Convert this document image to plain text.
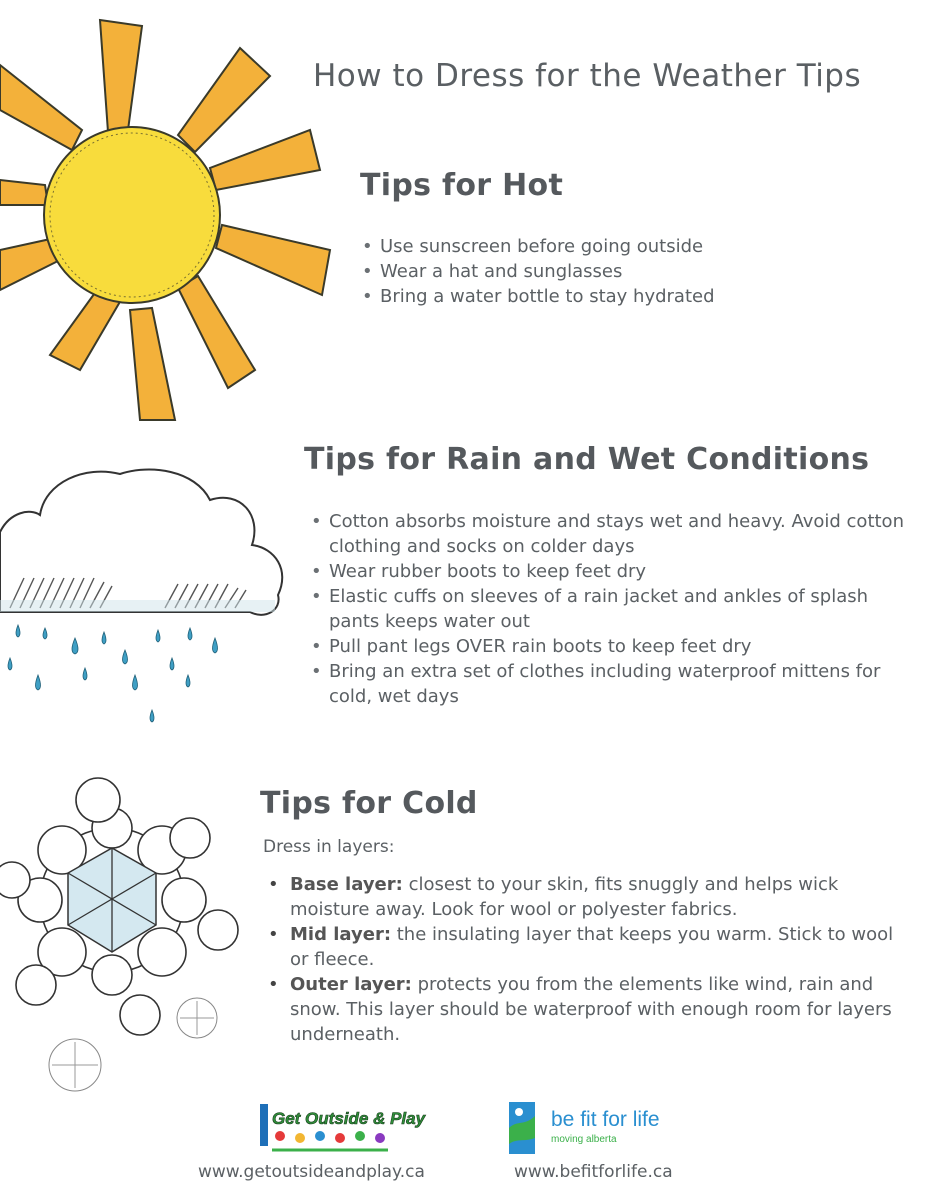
How to Dress for the Weather Tips
Tips for Hot
• Use sunscreen before going outside
• Wear a hat and sunglasses
• Bring a water bottle to stay hydrated
Tips for Rain and Wet Conditions
• Cotton absorbs moisture and stays wet and heavy. Avoid cotton clothing and socks on colder days
• Wear rubber boots to keep feet dry
• Elastic cuffs on sleeves of a rain jacket and ankles of splash pants keeps water out
• Pull pant legs OVER rain boots to keep feet dry
• Bring an extra set of clothes including waterproof mittens for cold, wet days
Tips for Cold
Dress in layers:
• Base layer: closest to your skin, fits snuggly and helps wick moisture away. Look for wool or polyester fabrics.
• Mid layer: the insulating layer that keeps you warm. Stick to wool or fleece.
• Outer layer: protects you from the elements like wind, rain and snow. This layer should be waterproof with enough room for layers underneath.
Get Outside & Play	be fit for life
moving alberta
www.getoutsideandplay.ca	www.befitforlife.ca
